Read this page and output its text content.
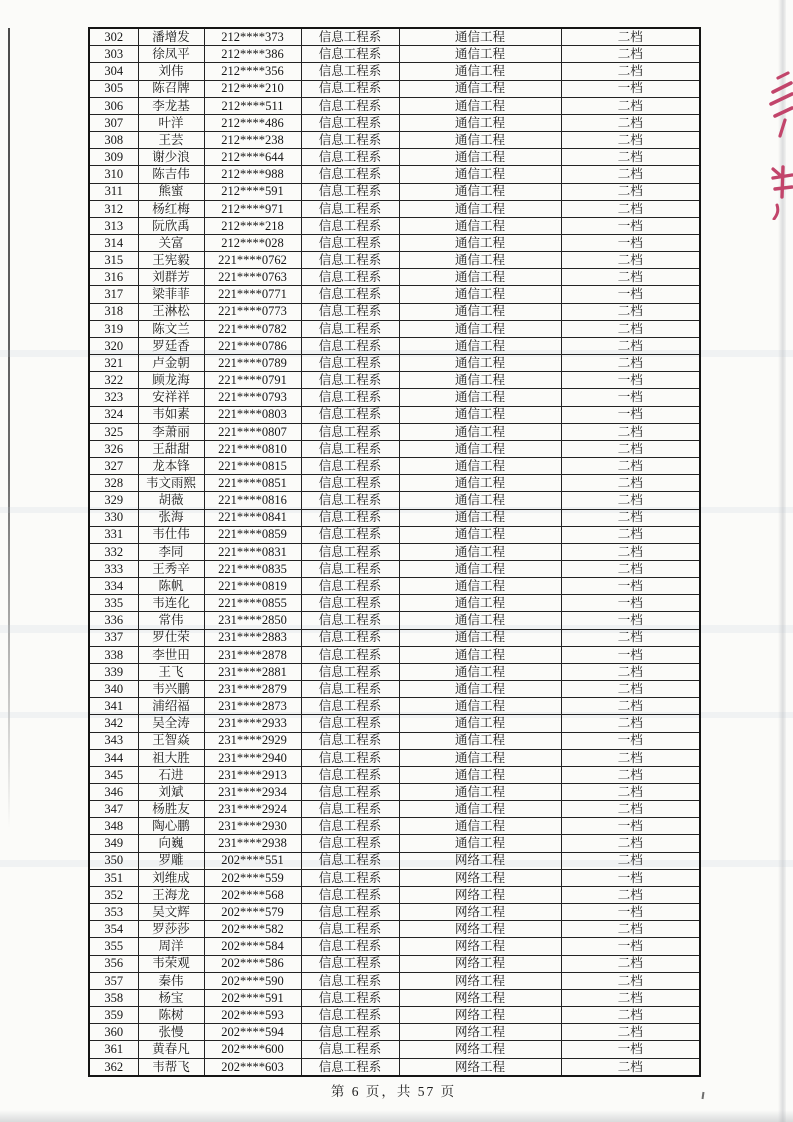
302	潘增发	212****373	信息工程系	通信工程	二档
303	徐凤平	212****386	信息工程系	通信工程	二档
304	刘伟	212****356	信息工程系	通信工程	二档
305	陈召牌	212****210	信息工程系	通信工程	一档
306	李龙基	212****511	信息工程系	通信工程	二档
307	叶洋	212****486	信息工程系	通信工程	二档
308	王芸	212****238	信息工程系	通信工程	二档
309	谢少浪	212****644	信息工程系	通信工程	二档
310	陈吉伟	212****988	信息工程系	通信工程	二档
311	熊蜜	212****591	信息工程系	通信工程	二档
312	杨红梅	212****971	信息工程系	通信工程	二档
313	阮欣禹	212****218	信息工程系	通信工程	一档
314	关富	212****028	信息工程系	通信工程	一档
315	王宪毅	221****0762	信息工程系	通信工程	二档
316	刘群芳	221****0763	信息工程系	通信工程	二档
317	梁菲菲	221****0771	信息工程系	通信工程	一档
318	王淋松	221****0773	信息工程系	通信工程	二档
319	陈文兰	221****0782	信息工程系	通信工程	二档
320	罗廷香	221****0786	信息工程系	通信工程	二档
321	卢金朝	221****0789	信息工程系	通信工程	二档
322	顾龙海	221****0791	信息工程系	通信工程	一档
323	安祥祥	221****0793	信息工程系	通信工程	一档
324	韦如素	221****0803	信息工程系	通信工程	一档
325	李萧丽	221****0807	信息工程系	通信工程	二档
326	王甜甜	221****0810	信息工程系	通信工程	二档
327	龙本锋	221****0815	信息工程系	通信工程	二档
328	韦文雨熙	221****0851	信息工程系	通信工程	二档
329	胡薇	221****0816	信息工程系	通信工程	二档
330	张海	221****0841	信息工程系	通信工程	二档
331	韦仕伟	221****0859	信息工程系	通信工程	二档
332	李同	221****0831	信息工程系	通信工程	二档
333	王秀辛	221****0835	信息工程系	通信工程	二档
334	陈帆	221****0819	信息工程系	通信工程	一档
335	韦连化	221****0855	信息工程系	通信工程	一档
336	常伟	231****2850	信息工程系	通信工程	一档
337	罗仕荣	231****2883	信息工程系	通信工程	二档
338	李世田	231****2878	信息工程系	通信工程	一档
339	王飞	231****2881	信息工程系	通信工程	二档
340	韦兴鹏	231****2879	信息工程系	通信工程	二档
341	浦绍福	231****2873	信息工程系	通信工程	二档
342	吴全涛	231****2933	信息工程系	通信工程	二档
343	王智焱	231****2929	信息工程系	通信工程	一档
344	祖大胜	231****2940	信息工程系	通信工程	二档
345	石进	231****2913	信息工程系	通信工程	二档
346	刘斌	231****2934	信息工程系	通信工程	二档
347	杨胜友	231****2924	信息工程系	通信工程	二档
348	陶心鹏	231****2930	信息工程系	通信工程	一档
349	向巍	231****2938	信息工程系	通信工程	二档
350	罗雕	202****551	信息工程系	网络工程	二档
351	刘维成	202****559	信息工程系	网络工程	一档
352	王海龙	202****568	信息工程系	网络工程	二档
353	吴文辉	202****579	信息工程系	网络工程	一档
354	罗莎莎	202****582	信息工程系	网络工程	二档
355	周洋	202****584	信息工程系	网络工程	一档
356	韦荣观	202****586	信息工程系	网络工程	二档
357	秦伟	202****590	信息工程系	网络工程	二档
358	杨宝	202****591	信息工程系	网络工程	二档
359	陈树	202****593	信息工程系	网络工程	二档
360	张慢	202****594	信息工程系	网络工程	二档
361	黄春凡	202****600	信息工程系	网络工程	一档
362	韦帮飞	202****603	信息工程系	网络工程	二档
第 6 页，共 57 页
